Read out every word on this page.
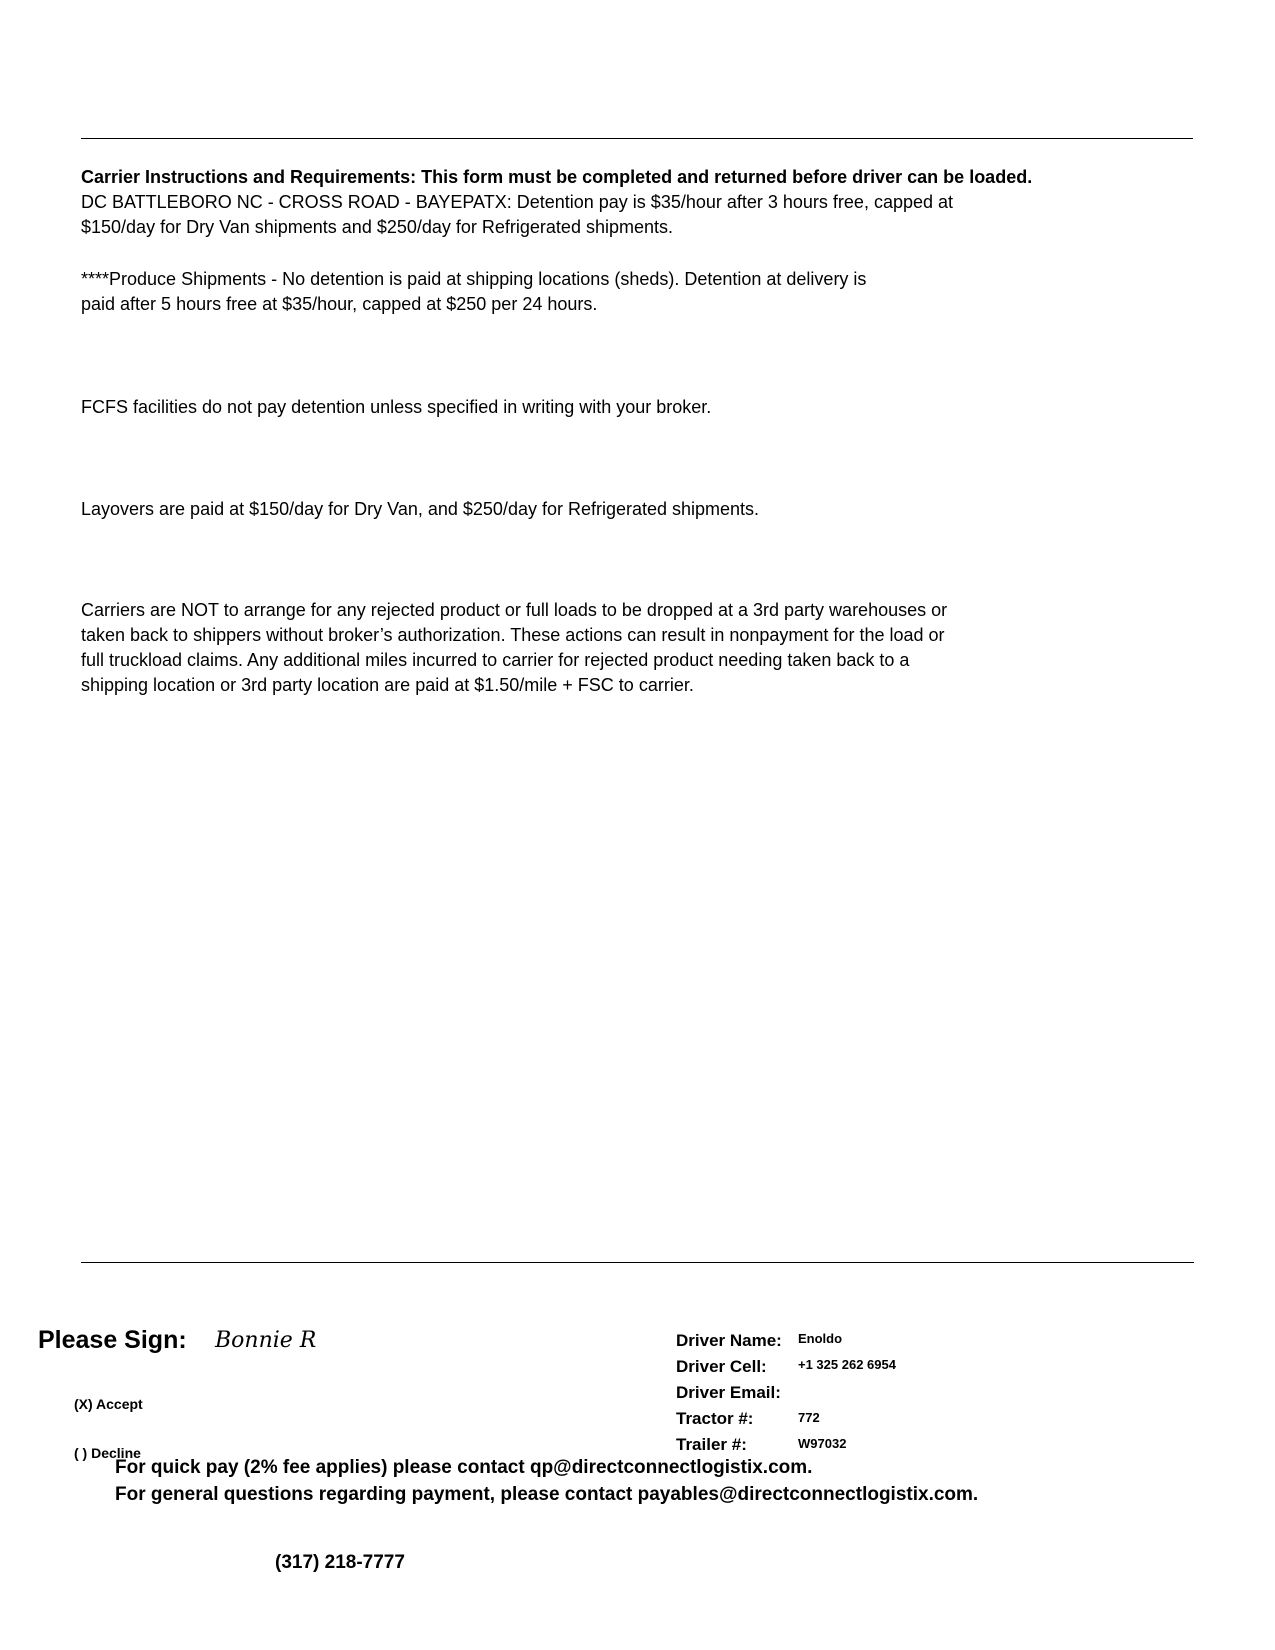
Carrier Instructions and Requirements: This form must be completed and returned before driver can be loaded.
DC BATTLEBORO NC - CROSS ROAD - BAYEPATX: Detention pay is $35/hour after 3 hours free, capped at
$150/day for Dry Van shipments and $250/day for Refrigerated shipments.
****Produce Shipments - No detention is paid at shipping locations (sheds). Detention at delivery is
paid after 5 hours free at $35/hour, capped at $250 per 24 hours.
FCFS facilities do not pay detention unless specified in writing with your broker.
Layovers are paid at $150/day for Dry Van, and $250/day for Refrigerated shipments.
Carriers are NOT to arrange for any rejected product or full loads to be dropped at a 3rd party warehouses or
taken back to shippers without broker’s authorization. These actions can result in nonpayment for the load or
full truckload claims. Any additional miles incurred to carrier for rejected product needing taken back to a
shipping location or 3rd party location are paid at $1.50/mile + FSC to carrier.
Please Sign: Bonnie R
(X) Accept
( ) Decline
Driver Name: Enoldo
Driver Cell: +1 325 262 6954
Driver Email:
Tractor #:	772
Trailer #:	W97032
For quick pay (2% fee applies) please contact qp@directconnectlogistix.com.
For general questions regarding payment, please contact payables@directconnectlogistix.com.
(317) 218-7777
